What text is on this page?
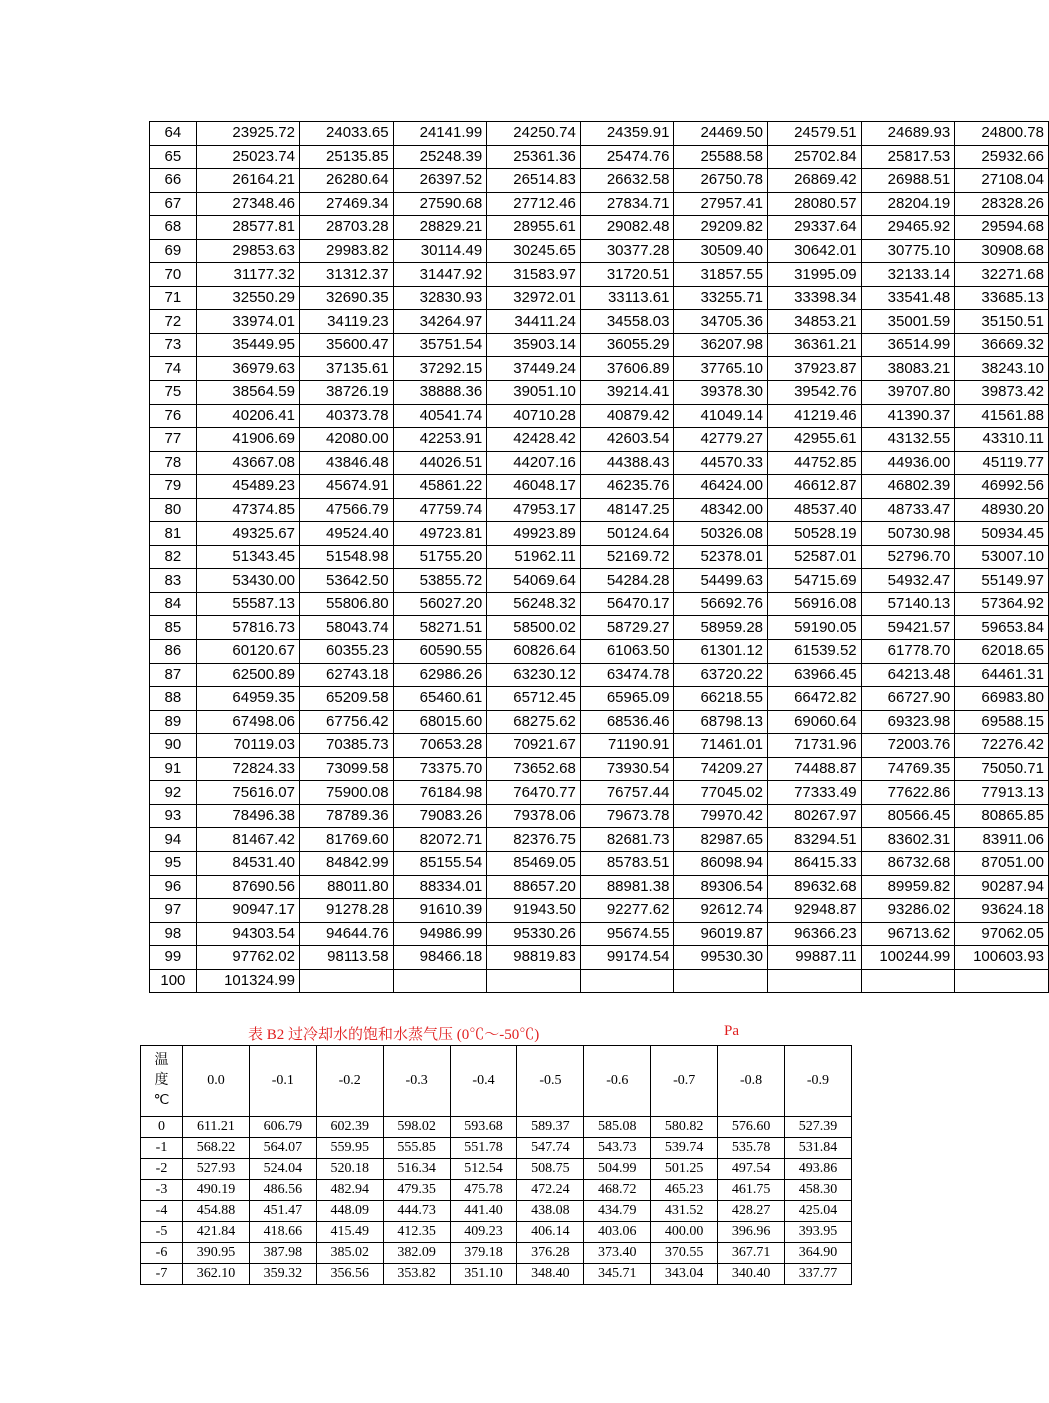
64	23925.72	24033.65	24141.99	24250.74	24359.91	24469.50	24579.51	24689.93	24800.78
65	25023.74	25135.85	25248.39	25361.36	25474.76	25588.58	25702.84	25817.53	25932.66
66	26164.21	26280.64	26397.52	26514.83	26632.58	26750.78	26869.42	26988.51	27108.04
67	27348.46	27469.34	27590.68	27712.46	27834.71	27957.41	28080.57	28204.19	28328.26
68	28577.81	28703.28	28829.21	28955.61	29082.48	29209.82	29337.64	29465.92	29594.68
69	29853.63	29983.82	30114.49	30245.65	30377.28	30509.40	30642.01	30775.10	30908.68
70	31177.32	31312.37	31447.92	31583.97	31720.51	31857.55	31995.09	32133.14	32271.68
71	32550.29	32690.35	32830.93	32972.01	33113.61	33255.71	33398.34	33541.48	33685.13
72	33974.01	34119.23	34264.97	34411.24	34558.03	34705.36	34853.21	35001.59	35150.51
73	35449.95	35600.47	35751.54	35903.14	36055.29	36207.98	36361.21	36514.99	36669.32
74	36979.63	37135.61	37292.15	37449.24	37606.89	37765.10	37923.87	38083.21	38243.10
75	38564.59	38726.19	38888.36	39051.10	39214.41	39378.30	39542.76	39707.80	39873.42
76	40206.41	40373.78	40541.74	40710.28	40879.42	41049.14	41219.46	41390.37	41561.88
77	41906.69	42080.00	42253.91	42428.42	42603.54	42779.27	42955.61	43132.55	43310.11
78	43667.08	43846.48	44026.51	44207.16	44388.43	44570.33	44752.85	44936.00	45119.77
79	45489.23	45674.91	45861.22	46048.17	46235.76	46424.00	46612.87	46802.39	46992.56
80	47374.85	47566.79	47759.74	47953.17	48147.25	48342.00	48537.40	48733.47	48930.20
81	49325.67	49524.40	49723.81	49923.89	50124.64	50326.08	50528.19	50730.98	50934.45
82	51343.45	51548.98	51755.20	51962.11	52169.72	52378.01	52587.01	52796.70	53007.10
83	53430.00	53642.50	53855.72	54069.64	54284.28	54499.63	54715.69	54932.47	55149.97
84	55587.13	55806.80	56027.20	56248.32	56470.17	56692.76	56916.08	57140.13	57364.92
85	57816.73	58043.74	58271.51	58500.02	58729.27	58959.28	59190.05	59421.57	59653.84
86	60120.67	60355.23	60590.55	60826.64	61063.50	61301.12	61539.52	61778.70	62018.65
87	62500.89	62743.18	62986.26	63230.12	63474.78	63720.22	63966.45	64213.48	64461.31
88	64959.35	65209.58	65460.61	65712.45	65965.09	66218.55	66472.82	66727.90	66983.80
89	67498.06	67756.42	68015.60	68275.62	68536.46	68798.13	69060.64	69323.98	69588.15
90	70119.03	70385.73	70653.28	70921.67	71190.91	71461.01	71731.96	72003.76	72276.42
91	72824.33	73099.58	73375.70	73652.68	73930.54	74209.27	74488.87	74769.35	75050.71
92	75616.07	75900.08	76184.98	76470.77	76757.44	77045.02	77333.49	77622.86	77913.13
93	78496.38	78789.36	79083.26	79378.06	79673.78	79970.42	80267.97	80566.45	80865.85
94	81467.42	81769.60	82072.71	82376.75	82681.73	82987.65	83294.51	83602.31	83911.06
95	84531.40	84842.99	85155.54	85469.05	85783.51	86098.94	86415.33	86732.68	87051.00
96	87690.56	88011.80	88334.01	88657.20	88981.38	89306.54	89632.68	89959.82	90287.94
97	90947.17	91278.28	91610.39	91943.50	92277.62	92612.74	92948.87	93286.02	93624.18
98	94303.54	94644.76	94986.99	95330.26	95674.55	96019.87	96366.23	96713.62	97062.05
99	97762.02	98113.58	98466.18	98819.83	99174.54	99530.30	99887.11	100244.99	100603.93
100	101324.99								
表 B2 过冷却水的饱和水蒸气压 (0℃～-50℃)	Pa
温
度
℃	0.0	-0.1	-0.2	-0.3	-0.4	-0.5	-0.6	-0.7	-0.8	-0.9
0	611.21	606.79	602.39	598.02	593.68	589.37	585.08	580.82	576.60	527.39
-1	568.22	564.07	559.95	555.85	551.78	547.74	543.73	539.74	535.78	531.84
-2	527.93	524.04	520.18	516.34	512.54	508.75	504.99	501.25	497.54	493.86
-3	490.19	486.56	482.94	479.35	475.78	472.24	468.72	465.23	461.75	458.30
-4	454.88	451.47	448.09	444.73	441.40	438.08	434.79	431.52	428.27	425.04
-5	421.84	418.66	415.49	412.35	409.23	406.14	403.06	400.00	396.96	393.95
-6	390.95	387.98	385.02	382.09	379.18	376.28	373.40	370.55	367.71	364.90
-7	362.10	359.32	356.56	353.82	351.10	348.40	345.71	343.04	340.40	337.77
